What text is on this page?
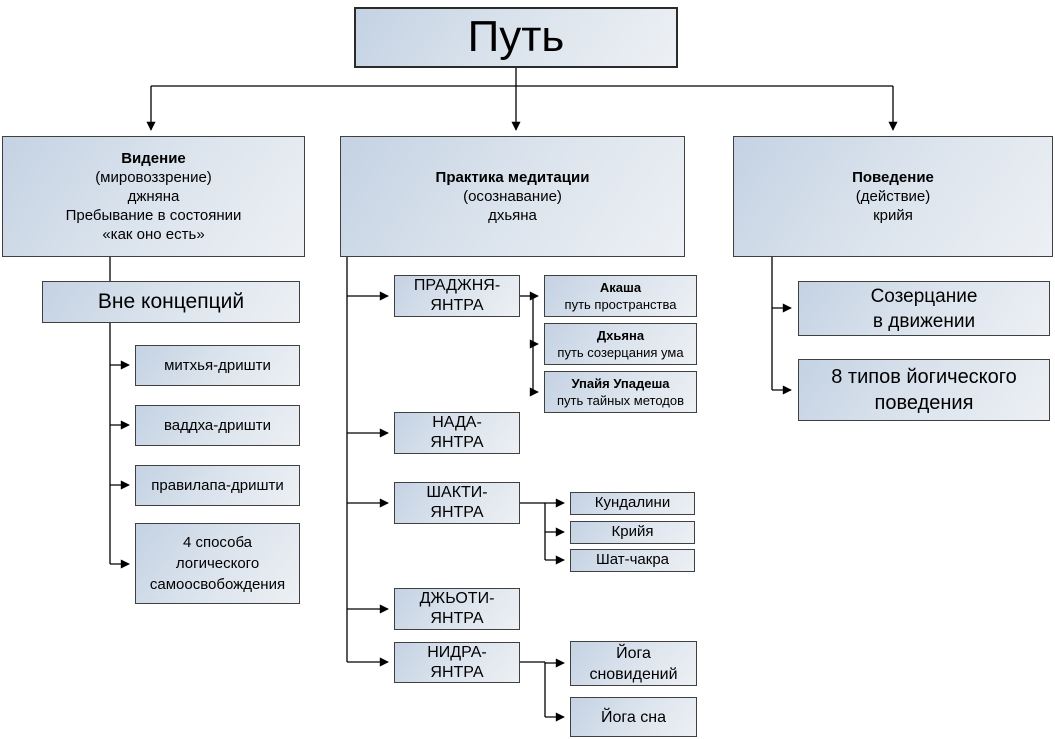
Путь
Видение
(мировоззрение)
джняна
Пребывание в состоянии
«как оно есть»
Практика медитации
(осознавание)
дхьяна
Поведение
(действие)
крийя
Вне концепций
митхья-дришти
ваддха-дришти
правилапа-дришти
4 способа
логического
самоосвобождения
ПРАДЖНЯ-
ЯНТРА
НАДА-
ЯНТРА
ШАКТИ-
ЯНТРА
ДЖЬОТИ-
ЯНТРА
НИДРА-
ЯНТРА
Акаша
путь пространства
Дхьяна
путь созерцания ума
Упайя Упадеша
путь тайных методов
Кундалини
Крийя
Шат-чакра
Йога
сновидений
Йога сна
Созерцание
в движении
8 типов йогического
поведения
